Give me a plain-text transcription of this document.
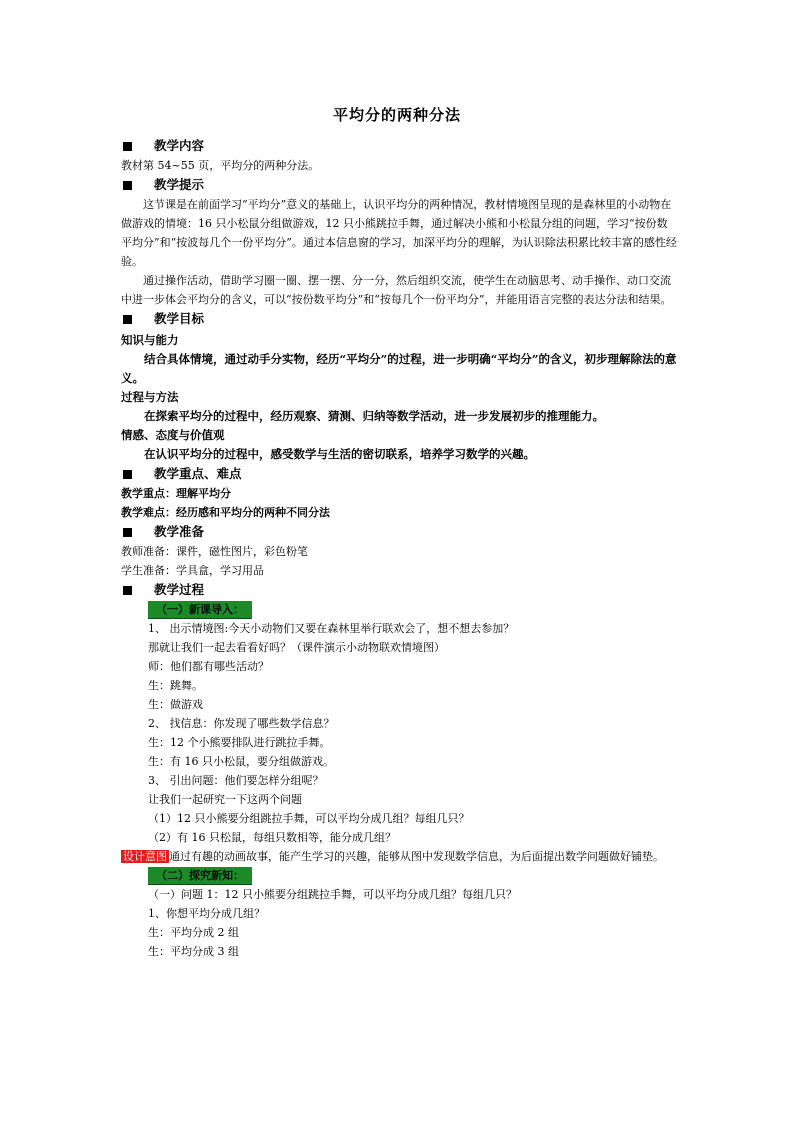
平均分的两种分法
教学内容

教材第 54~55 页，平均分的两种分法。

教学提示

这节课是在前面学习“平均分”意义的基础上，认识平均分的两种情况，教材情境图呈现的是森林里的小动物在做游戏的情境：16 只小松鼠分组做游戏，12 只小熊跳拉手舞，通过解决小熊和小松鼠分组的问题，学习“按份数平均分”和“按波每几个一份平均分”。通过本信息窗的学习，加深平均分的理解，为认识除法积累比较丰富的感性经验。

通过操作活动，借助学习圈一圈、摆一摆、分一分，然后组织交流，使学生在动脑思考、动手操作、动口交流中进一步体会平均分的含义，可以“按份数平均分”和“按每几个一份平均分”，并能用语言完整的表达分法和结果。

教学目标

知识与能力

结合具体情境，通过动手分实物，经历“平均分”的过程，进一步明确“平均分”的含义，初步理解除法的意义。

过程与方法

在探索平均分的过程中，经历观察、猜测、归纳等数学活动，进一步发展初步的推理能力。

情感、态度与价值观

在认识平均分的过程中，感受数学与生活的密切联系，培养学习数学的兴趣。

教学重点、难点

教学重点：理解平均分

教学难点：经历感和平均分的两种不同分法

教学准备

教师准备：课件，磁性图片，彩色粉笔

学生准备：学具盒，学习用品

教学过程
（一）新课导入：

1、 出示情境图:今天小动物们又要在森林里举行联欢会了，想不想去参加？

那就让我们一起去看看好吗？（课件演示小动物联欢情境图）

师：他们都有哪些活动？

生：跳舞。

生：做游戏

2、 找信息：你发现了哪些数学信息？

生：12 个小熊要排队进行跳拉手舞。

生：有 16 只小松鼠，要分组做游戏。

3、 引出问题：他们要怎样分组呢？

让我们一起研究一下这两个问题

（1）12 只小熊要分组跳拉手舞，可以平均分成几组？每组几只？

（2）有 16 只松鼠，每组只数相等，能分成几组？

设计意图 通过有趣的动画故事，能产生学习的兴趣，能够从图中发现数学信息，为后面提出数学问题做好铺垫。

（二）探究新知：

（一）问题 1：12 只小熊要分组跳拉手舞，可以平均分成几组？每组几只？

1、你想平均分成几组？

生：平均分成 2 组

生：平均分成 3 组
